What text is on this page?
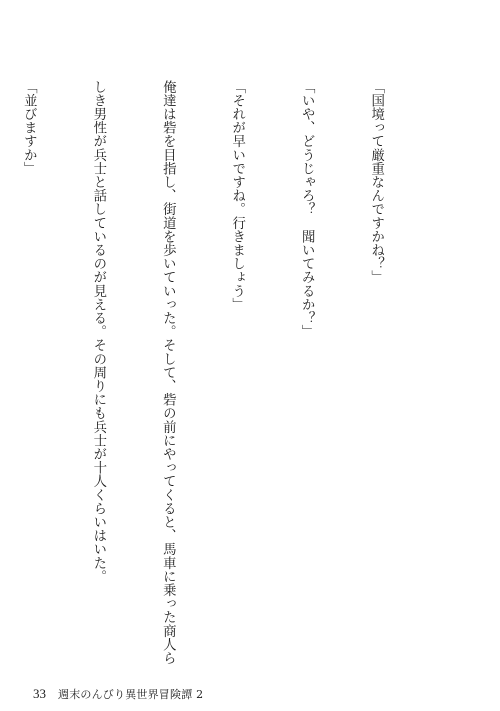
「国境って厳重なんですかね？」

「いや、どうじゃろ？　聞いてみるか？」

「それが早いですね。行きましょう」

俺達は砦を目指し、街道を歩いていった。そして、砦の前にやってくると、馬車に乗った商人ら

しき男性が兵士と話しているのが見える。その周りにも兵士が十人くらいはいた。

「並びますか」

33 週末のんびり異世界冒険譚 2
